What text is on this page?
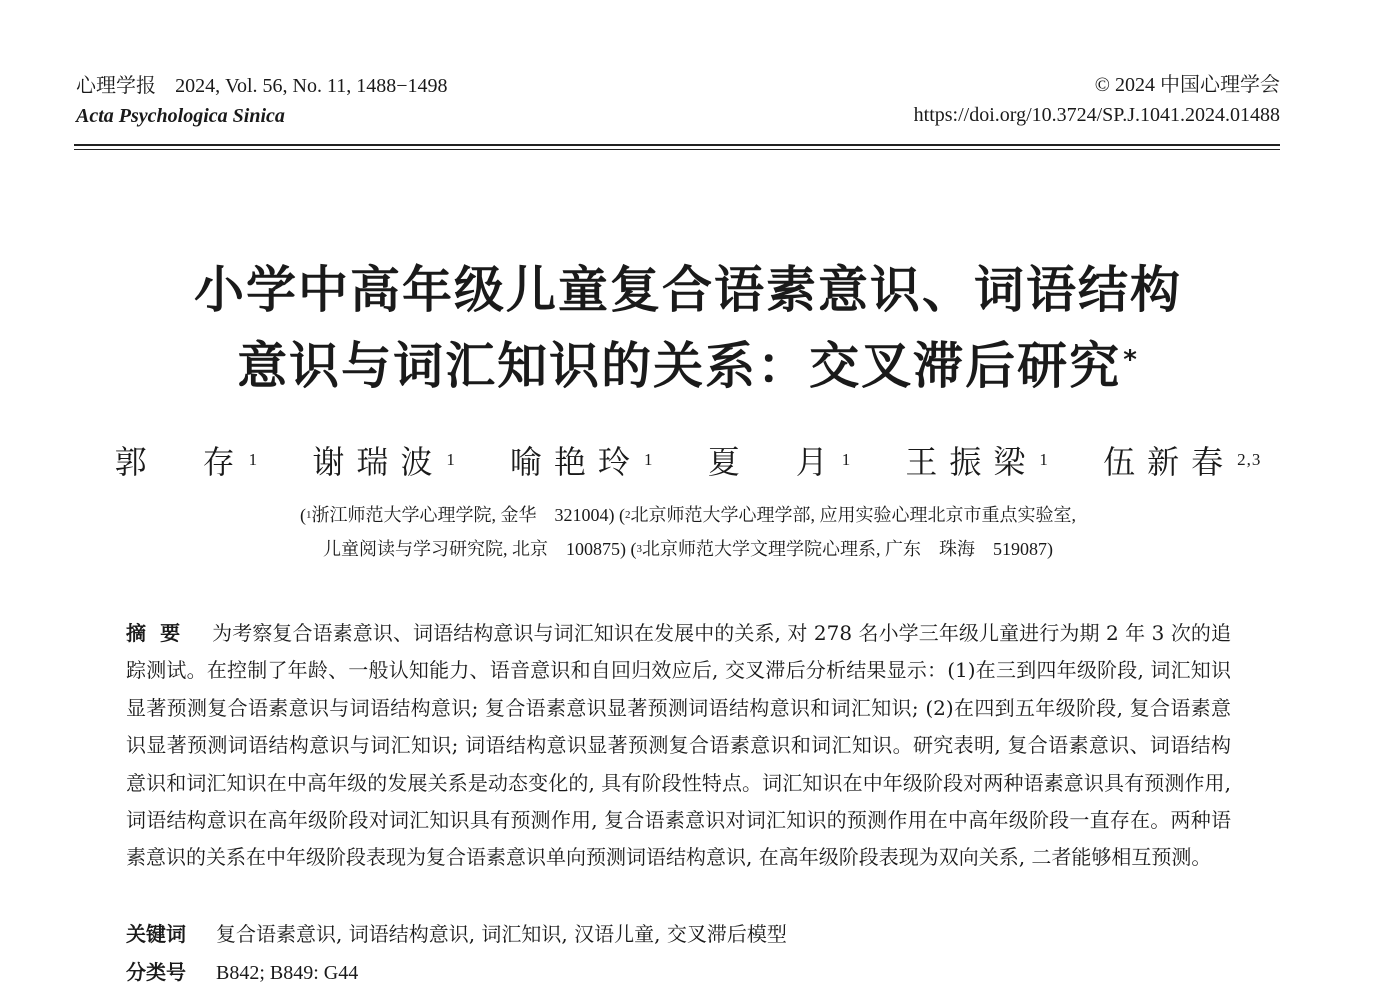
心理学报 2024, Vol. 56, No. 11, 1488−1498
Acta Psychologica Sinica
© 2024 中国心理学会
https://doi.org/10.3724/SP.J.1041.2024.01488
小学中高年级儿童复合语素意识、词语结构
意识与词汇知识的关系：交叉滞后研究*
郭　存 $^1$ 谢瑞波 $^1$ 喻艳玲 $^1$ 夏　月 $^1$ 王振梁 $^1$ 伍新春 $^{2,3}$
($^1$浙江师范大学心理学院, 金华　321004) ($^2$北京师范大学心理学部, 应用实验心理北京市重点实验室,
儿童阅读与学习研究院, 北京　100875) ($^3$北京师范大学文理学院心理系, 广东　珠海　519087)
摘要 为考察复合语素意识、词语结构意识与词汇知识在发展中的关系, 对 278 名小学三年级儿童进行为期 2 年 3 次的追踪测试。在控制了年龄、一般认知能力、语音意识和自回归效应后, 交叉滞后分析结果显示：(1)在三到四年级阶段, 词汇知识显著预测复合语素意识与词语结构意识; 复合语素意识显著预测词语结构意识和词汇知识; (2)在四到五年级阶段, 复合语素意识显著预测词语结构意识与词汇知识; 词语结构意识显著预测复合语素意识和词汇知识。研究表明, 复合语素意识、词语结构意识和词汇知识在中高年级的发展关系是动态变化的, 具有阶段性特点。词汇知识在中年级阶段对两种语素意识具有预测作用, 词语结构意识在高年级阶段对词汇知识具有预测作用, 复合语素意识对词汇知识的预测作用在中高年级阶段一直存在。两种语素意识的关系在中年级阶段表现为复合语素意识单向预测词语结构意识, 在高年级阶段表现为双向关系, 二者能够相互预测。
关键词 复合语素意识, 词语结构意识, 词汇知识, 汉语儿童, 交叉滞后模型
分类号 B842; B849: G44
